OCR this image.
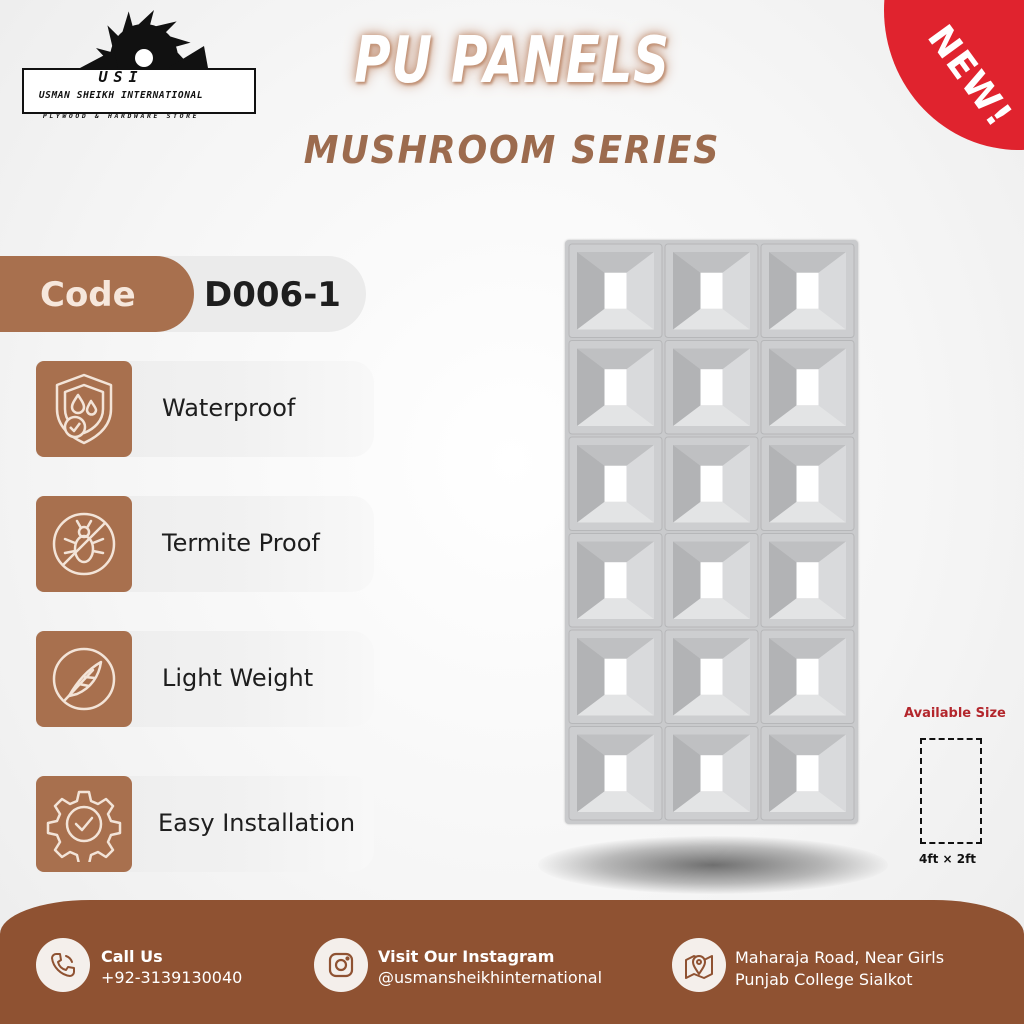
USI
USMAN SHEIKH INTERNATIONAL
PLYWOOD & HARDWARE STORE
PU PANELS
MUSHROOM SERIES
NEW!
Code D006-1
Waterproof
Termite Proof
Light Weight
Easy Installation
Available Size
4ft × 2ft
Call Us
+92-3139130040
Visit Our Instagram
@usmansheikhinternational
Maharaja Road, Near Girls
Punjab College Sialkot
